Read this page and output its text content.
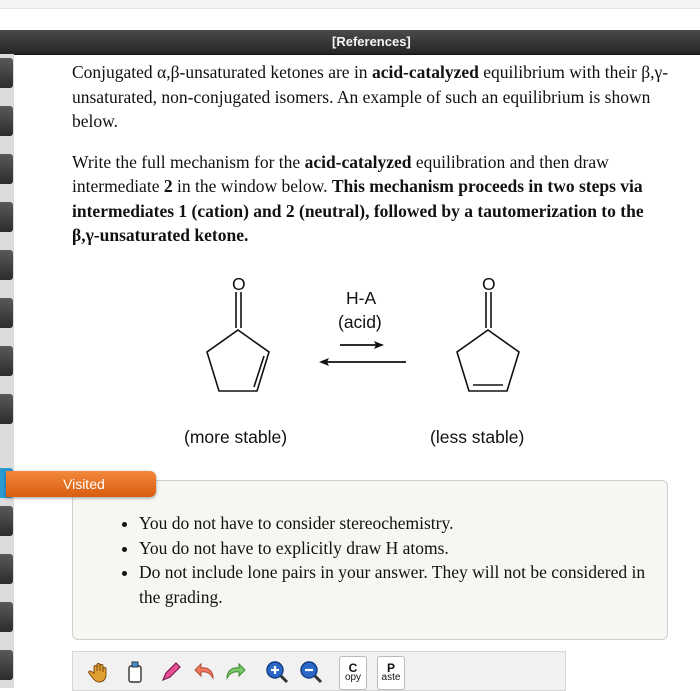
[References]

Conjugated α,β-unsaturated ketones are in acid-catalyzed equilibrium with their β,γ-unsaturated, non-conjugated isomers. An example of such an equilibrium is shown below.

Write the full mechanism for the acid-catalyzed equilibration and then draw intermediate 2 in the window below. This mechanism proceeds in two steps via intermediates 1 (cation) and 2 (neutral), followed by a tautomerization to the β,γ-unsaturated ketone.

O	O
H-A
(acid)
(more stable)	(less stable)
• You do not have to consider stereochemistry.
• You do not have to explicitly draw H atoms.
• Do not include lone pairs in your answer. They will not be considered in the grading.
Visited
C
opy
P
aste
